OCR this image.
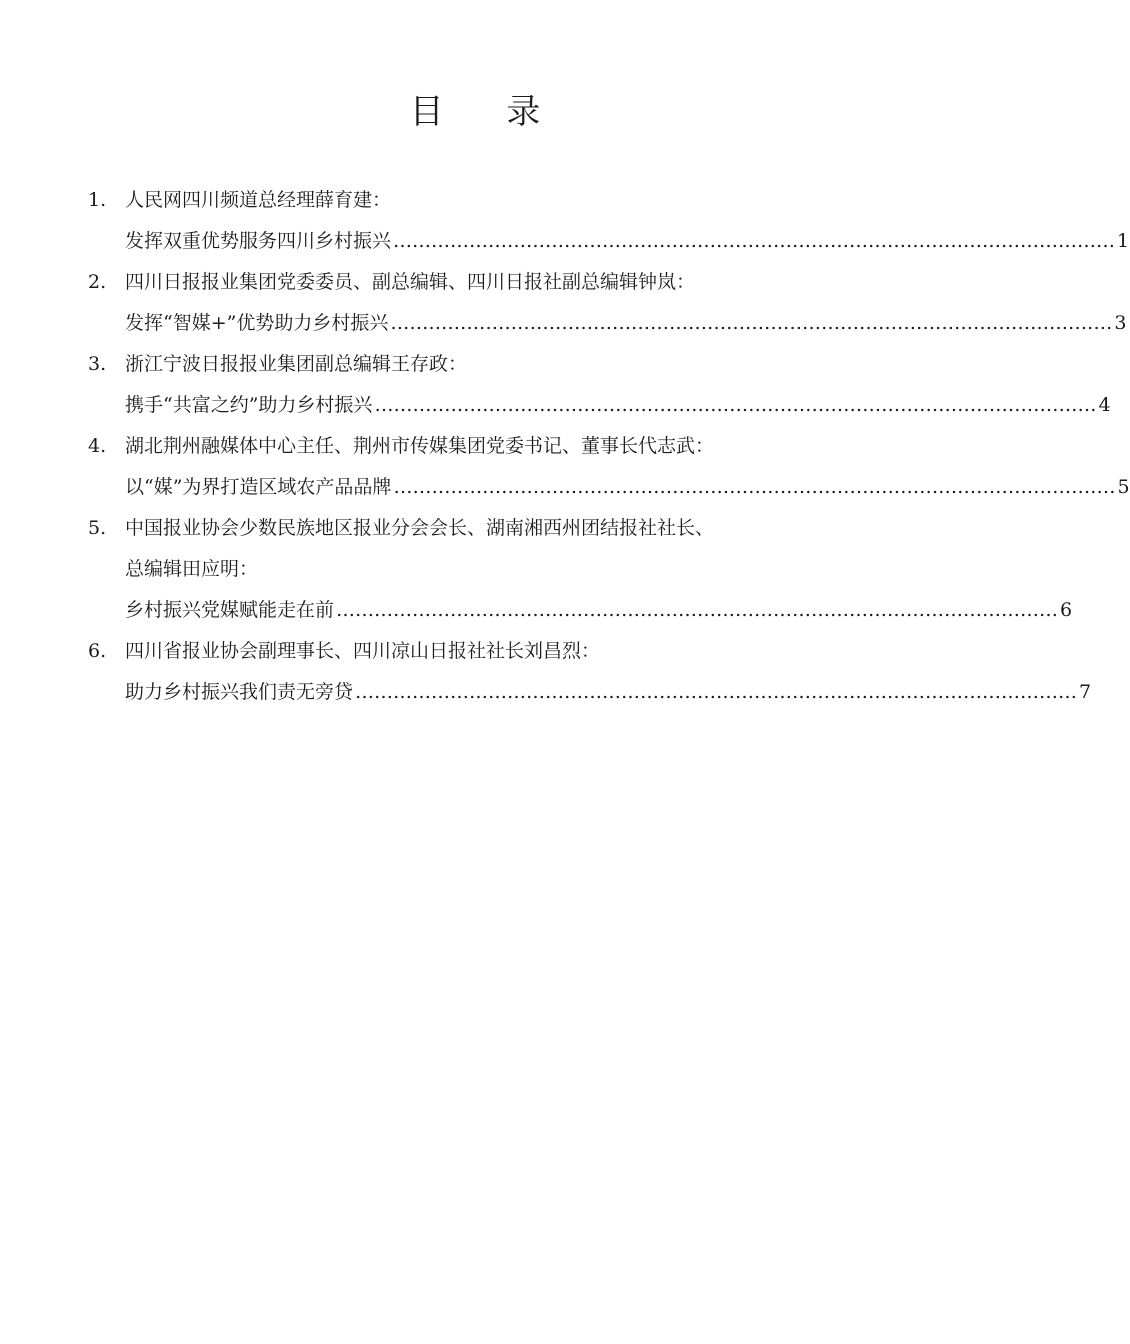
目 录
1. 人民网四川频道总经理薛育建：
发挥双重优势服务四川乡村振兴 …………………………………………………………………………………………………… 1
2. 四川日报报业集团党委委员、副总编辑、四川日报社副总编辑钟岚：
发挥“智媒+”优势助力乡村振兴 …………………………………………………………………………………………………… 3
3. 浙江宁波日报报业集团副总编辑王存政：
携手“共富之约”助力乡村振兴 …………………………………………………………………………………………………… 4
4. 湖北荆州融媒体中心主任、荆州市传媒集团党委书记、董事长代志武：
以“媒”为界打造区域农产品品牌 …………………………………………………………………………………………………… 5
5. 中国报业协会少数民族地区报业分会会长、湖南湘西州团结报社社长、
总编辑田应明：
乡村振兴党媒赋能走在前 …………………………………………………………………………………………………… 6
6. 四川省报业协会副理事长、四川凉山日报社社长刘昌烈：
助力乡村振兴我们责无旁贷 …………………………………………………………………………………………………… 7
